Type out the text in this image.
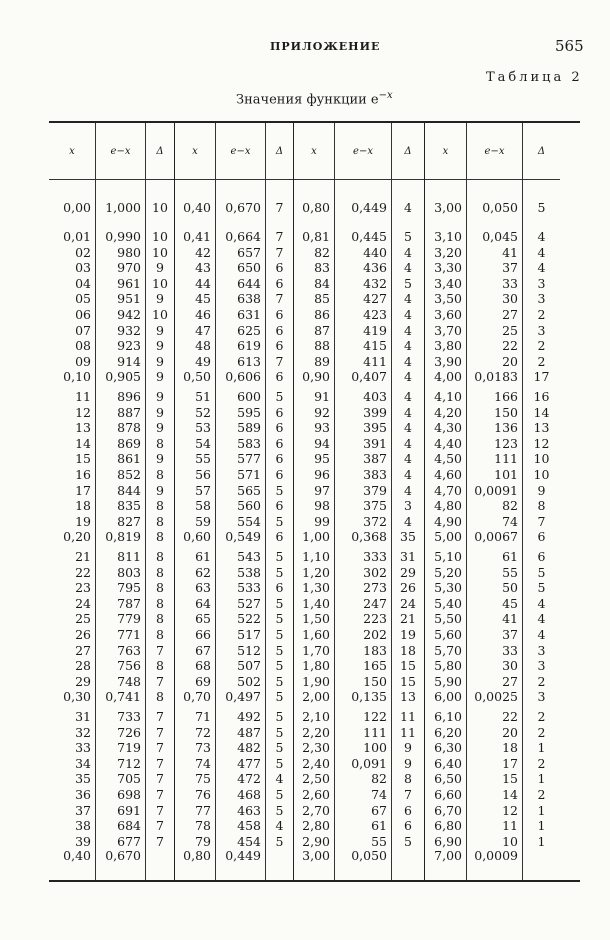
ПРИЛОЖЕНИЕ	565
Таблица 2
Значения функции $e^{-x}$
x
0,00
0,01
02
03
04
05
06
07
08
09
0,10
11
12
13
14
15
16
17
18
19
0,20
21
22
23
24
25
26
27
28
29
0,30
31
32
33
34
35
36
37
38
39
0,40
e−x
1,000
0,990
980
970
961
951
942
932
923
914
0,905
896
887
878
869
861
852
844
835
827
0,819
811
803
795
787
779
771
763
756
748
0,741
733
726
719
712
705
698
691
684
677
0,670
Δ
10
10
10
9
10
9
10
9
9
9
9
9
9
9
8
9
8
9
8
8
8
8
8
8
8
8
8
7
8
7
8
7
7
7
7
7
7
7
7
7
x
0,40
0,41
42
43
44
45
46
47
48
49
0,50
51
52
53
54
55
56
57
58
59
0,60
61
62
63
64
65
66
67
68
69
0,70
71
72
73
74
75
76
77
78
79
0,80
e−x
0,670
0,664
657
650
644
638
631
625
619
613
0,606
600
595
589
583
577
571
565
560
554
0,549
543
538
533
527
522
517
512
507
502
0,497
492
487
482
477
472
468
463
458
454
0,449
Δ
7
7
7
6
6
7
6
6
6
7
6
5
6
6
6
6
6
5
6
5
6
5
5
6
5
5
5
5
5
5
5
5
5
5
5
4
5
5
4
5
x
0,80
0,81
82
83
84
85
86
87
88
89
0,90
91
92
93
94
95
96
97
98
99
1,00
1,10
1,20
1,30
1,40
1,50
1,60
1,70
1,80
1,90
2,00
2,10
2,20
2,30
2,40
2,50
2,60
2,70
2,80
2,90
3,00
e−x
0,449
0,445
440
436
432
427
423
419
415
411
0,407
403
399
395
391
387
383
379
375
372
0,368
333
302
273
247
223
202
183
165
150
0,135
122
111
100
0,091
82
74
67
61
55
0,050
Δ
4
5
4
4
5
4
4
4
4
4
4
4
4
4
4
4
4
4
3
4
35
31
29
26
24
21
19
18
15
15
13
11
11
9
9
8
7
6
6
5
x
3,00
3,10
3,20
3,30
3,40
3,50
3,60
3,70
3,80
3,90
4,00
4,10
4,20
4,30
4,40
4,50
4,60
4,70
4,80
4,90
5,00
5,10
5,20
5,30
5,40
5,50
5,60
5,70
5,80
5,90
6,00
6,10
6,20
6,30
6,40
6,50
6,60
6,70
6,80
6,90
7,00
e−x
0,050
0,045
41
37
33
30
27
25
22
20
0,0183
166
150
136
123
111
101
0,0091
82
74
0,0067
61
55
50
45
41
37
33
30
27
0,0025
22
20
18
17
15
14
12
11
10
0,0009
Δ
5
4
4
4
3
3
2
3
2
2
17
16
14
13
12
10
10
9
8
7
6
6
5
5
4
4
4
3
3
2
3
2
2
1
2
1
2
1
1
1
